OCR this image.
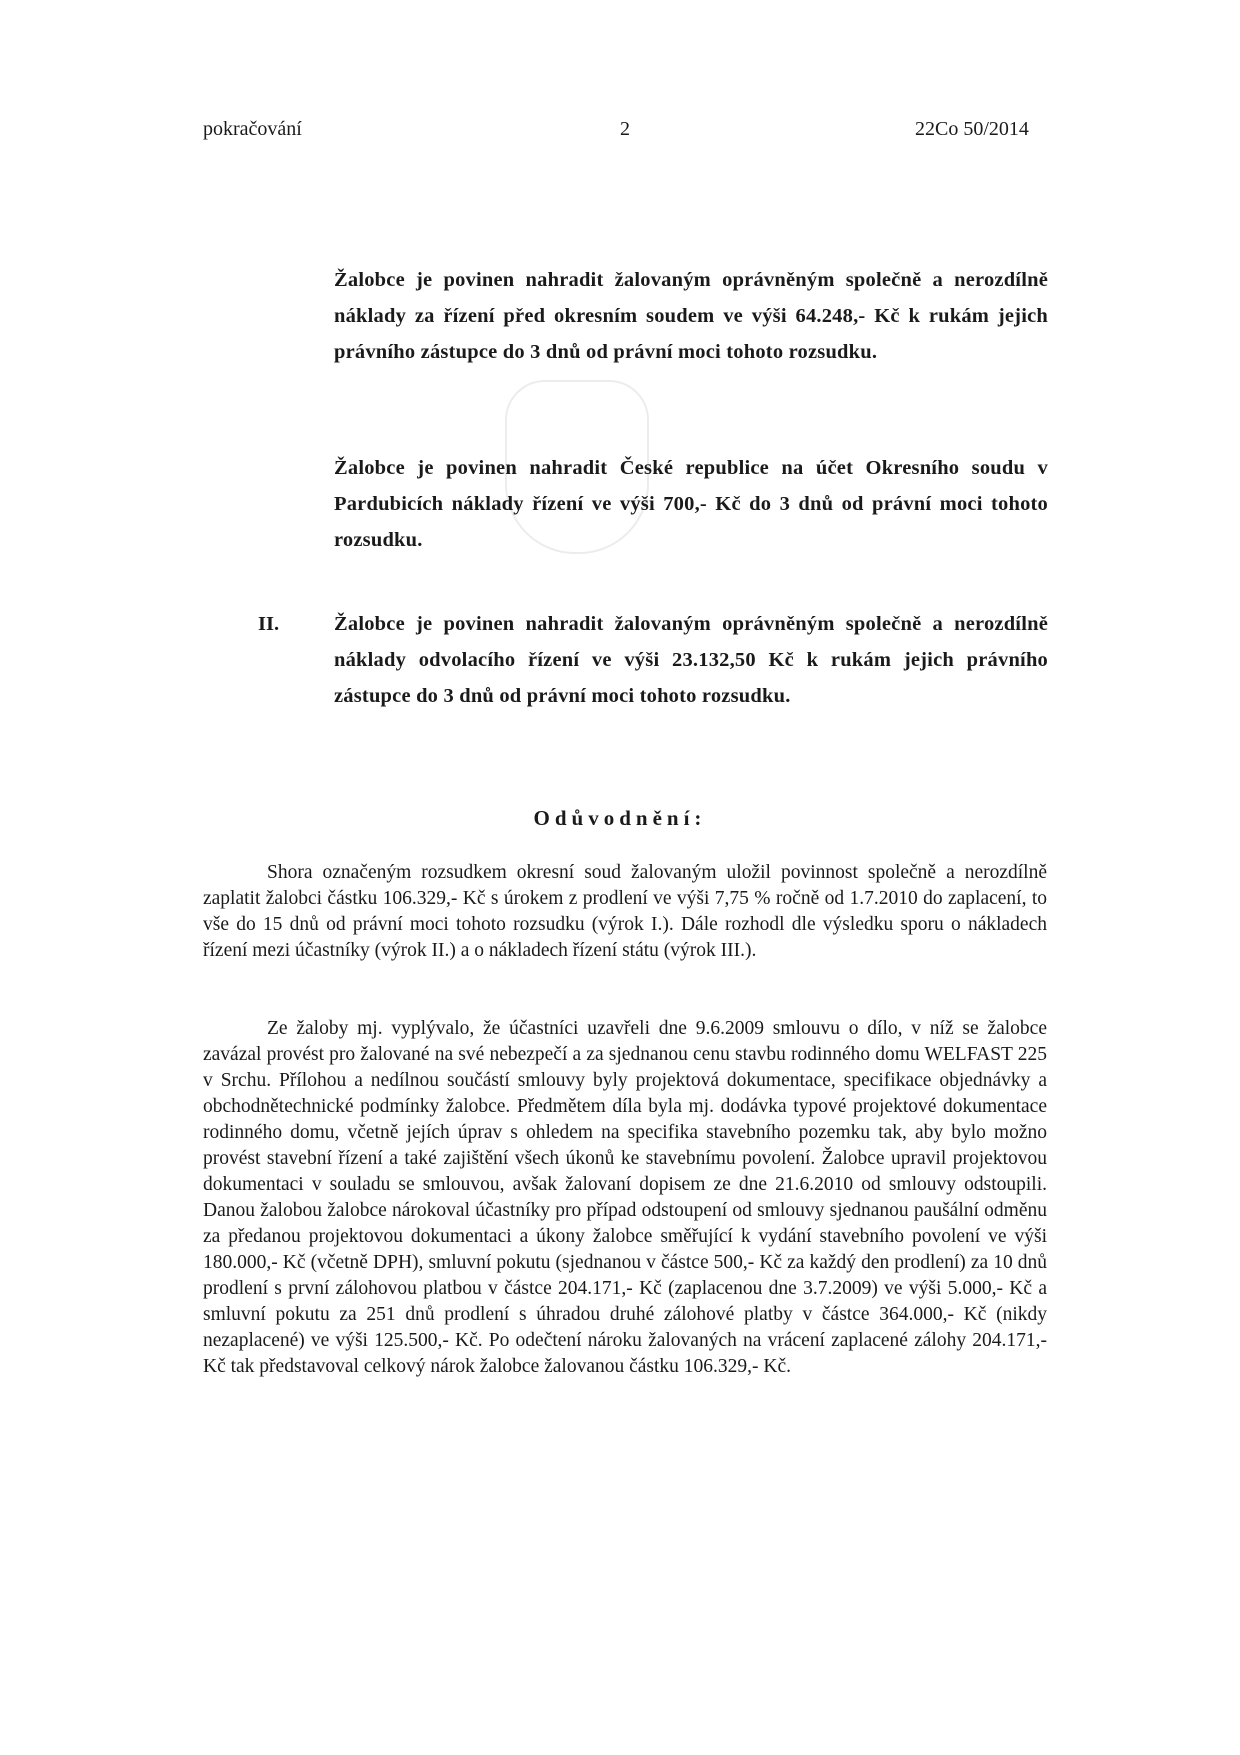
pokračování	2	22Co 50/2014
Žalobce je povinen nahradit žalovaným oprávněným společně a nerozdílně náklady za řízení před okresním soudem ve výši 64.248,- Kč k rukám jejich právního zástupce do 3 dnů od právní moci tohoto rozsudku.
Žalobce je povinen nahradit České republice na účet Okresního soudu v Pardubicích náklady řízení ve výši 700,- Kč do 3 dnů od právní moci tohoto rozsudku.
II.	Žalobce je povinen nahradit žalovaným oprávněným společně a nerozdílně náklady odvolacího řízení ve výši 23.132,50 Kč k rukám jejich právního zástupce do 3 dnů od právní moci tohoto rozsudku.
Odůvodnění:
Shora označeným rozsudkem okresní soud žalovaným uložil povinnost společně a nerozdílně zaplatit žalobci částku 106.329,- Kč s úrokem z prodlení ve výši 7,75 % ročně od 1.7.2010 do zaplacení, to vše do 15 dnů od právní moci tohoto rozsudku (výrok I.). Dále rozhodl dle výsledku sporu o nákladech řízení mezi účastníky (výrok II.) a o nákladech řízení státu (výrok III.).
Ze žaloby mj. vyplývalo, že účastníci uzavřeli dne 9.6.2009 smlouvu o dílo, v níž se žalobce zavázal provést pro žalované na své nebezpečí a za sjednanou cenu stavbu rodinného domu WELFAST 225 v Srchu. Přílohou a nedílnou součástí smlouvy byly projektová dokumentace, specifikace objednávky a obchodnětechnické podmínky žalobce. Předmětem díla byla mj. dodávka typové projektové dokumentace rodinného domu, včetně jejích úprav s ohledem na specifika stavebního pozemku tak, aby bylo možno provést stavební řízení a také zajištění všech úkonů ke stavebnímu povolení. Žalobce upravil projektovou dokumentaci v souladu se smlouvou, avšak žalovaní dopisem ze dne 21.6.2010 od smlouvy odstoupili. Danou žalobou žalobce nárokoval účastníky pro případ odstoupení od smlouvy sjednanou paušální odměnu za předanou projektovou dokumentaci a úkony žalobce směřující k vydání stavebního povolení ve výši 180.000,- Kč (včetně DPH), smluvní pokutu (sjednanou v částce 500,- Kč za každý den prodlení) za 10 dnů prodlení s první zálohovou platbou v částce 204.171,- Kč (zaplacenou dne 3.7.2009) ve výši 5.000,- Kč a smluvní pokutu za 251 dnů prodlení s úhradou druhé zálohové platby v částce 364.000,- Kč (nikdy nezaplacené) ve výši 125.500,- Kč. Po odečtení nároku žalovaných na vrácení zaplacené zálohy 204.171,- Kč tak představoval celkový nárok žalobce žalovanou částku 106.329,- Kč.
